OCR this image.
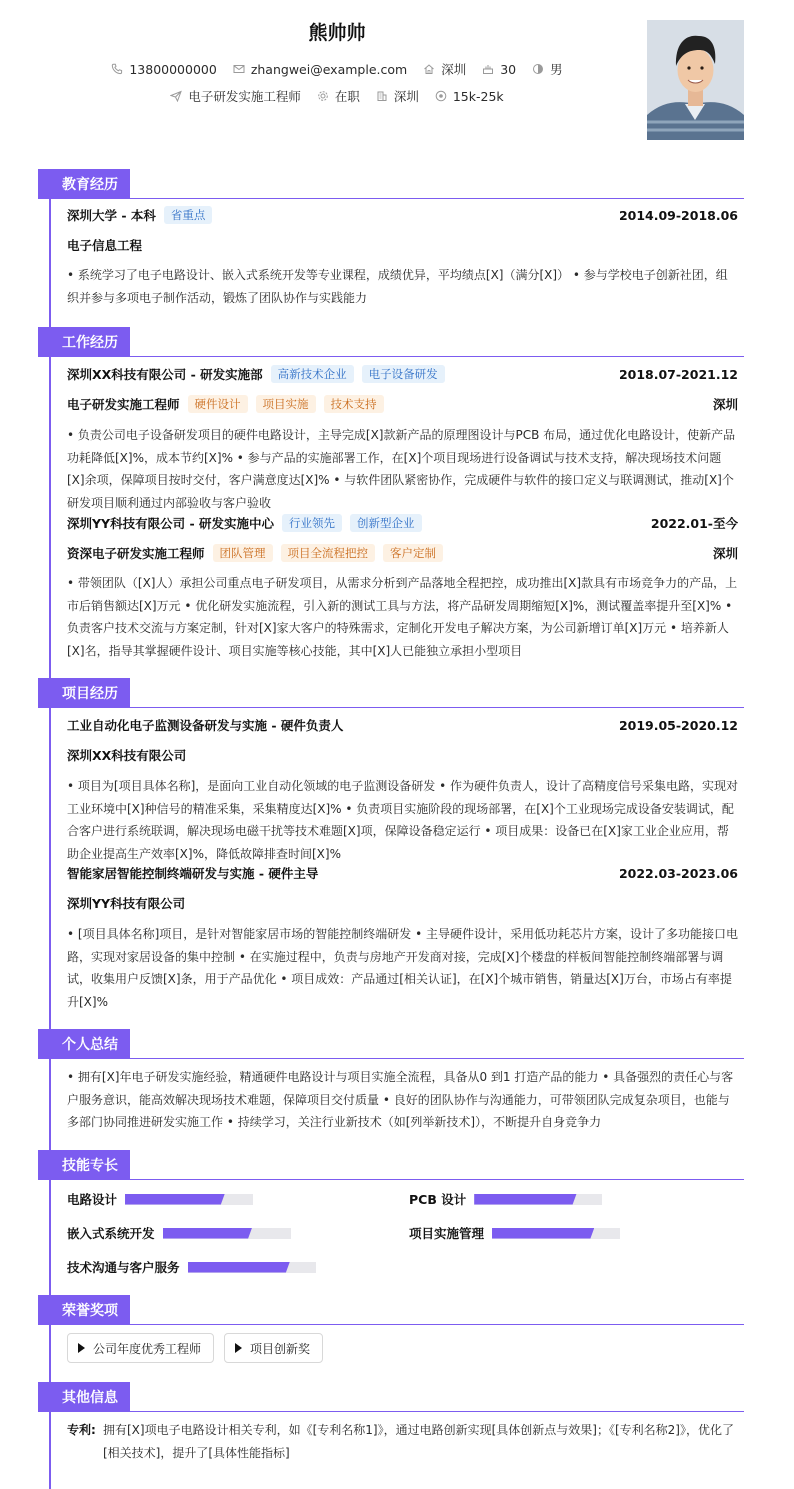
熊帅帅
13800000000	zhangwei@example.com	深圳	30	男
电子研发实施工程师	在职	深圳	15k-25k
教育经历
深圳大学 - 本科	省重点	2014.09-2018.06
电子信息工程
• 系统学习了电子电路设计、嵌入式系统开发等专业课程，成绩优异，平均绩点[X]（满分[X]） • 参与学校电子创新社团，组织并参与多项电子制作活动，锻炼了团队协作与实践能力
工作经历
深圳XX科技有限公司 - 研发实施部	高新技术企业	电子设备研发	2018.07-2021.12
电子研发实施工程师	硬件设计	项目实施	技术支持	深圳
• 负责公司电子设备研发项目的硬件电路设计，主导完成[X]款新产品的原理图设计与PCB 布局，通过优化电路设计，使新产品功耗降低[X]%，成本节约[X]% • 参与产品的实施部署工作，在[X]个项目现场进行设备调试与技术支持，解决现场技术问题[X]余项，保障项目按时交付，客户满意度达[X]% • 与软件团队紧密协作，完成硬件与软件的接口定义与联调测试，推动[X]个研发项目顺利通过内部验收与客户验收
深圳YY科技有限公司 - 研发实施中心	行业领先	创新型企业	2022.01-至今
资深电子研发实施工程师	团队管理	项目全流程把控	客户定制	深圳
• 带领团队（[X]人）承担公司重点电子研发项目，从需求分析到产品落地全程把控，成功推出[X]款具有市场竞争力的产品，上市后销售额达[X]万元 • 优化研发实施流程，引入新的测试工具与方法，将产品研发周期缩短[X]%，测试覆盖率提升至[X]% • 负责客户技术交流与方案定制，针对[X]家大客户的特殊需求，定制化开发电子解决方案，为公司新增订单[X]万元 • 培养新人[X]名，指导其掌握硬件设计、项目实施等核心技能，其中[X]人已能独立承担小型项目
项目经历
工业自动化电子监测设备研发与实施 - 硬件负责人	2019.05-2020.12
深圳XX科技有限公司
• 项目为[项目具体名称]，是面向工业自动化领域的电子监测设备研发 • 作为硬件负责人，设计了高精度信号采集电路，实现对工业环境中[X]种信号的精准采集，采集精度达[X]% • 负责项目实施阶段的现场部署，在[X]个工业现场完成设备安装调试，配合客户进行系统联调，解决现场电磁干扰等技术难题[X]项，保障设备稳定运行 • 项目成果：设备已在[X]家工业企业应用，帮助企业提高生产效率[X]%，降低故障排查时间[X]%
智能家居智能控制终端研发与实施 - 硬件主导	2022.03-2023.06
深圳YY科技有限公司
• [项目具体名称]项目，是针对智能家居市场的智能控制终端研发 • 主导硬件设计，采用低功耗芯片方案，设计了多功能接口电路，实现对家居设备的集中控制 • 在实施过程中，负责与房地产开发商对接，完成[X]个楼盘的样板间智能控制终端部署与调试，收集用户反馈[X]条，用于产品优化 • 项目成效：产品通过[相关认证]，在[X]个城市销售，销量达[X]万台，市场占有率提升[X]%
个人总结
• 拥有[X]年电子研发实施经验，精通硬件电路设计与项目实施全流程，具备从0 到1 打造产品的能力 • 具备强烈的责任心与客户服务意识，能高效解决现场技术难题，保障项目交付质量 • 良好的团队协作与沟通能力，可带领团队完成复杂项目，也能与多部门协同推进研发实施工作 • 持续学习，关注行业新技术（如[列举新技术]），不断提升自身竞争力
技能专长
电路设计	PCB 设计
嵌入式系统开发	项目实施管理
技术沟通与客户服务
荣誉奖项
公司年度优秀工程师	项目创新奖
其他信息
专利: 拥有[X]项电子电路设计相关专利，如《[专利名称1]》，通过电路创新实现[具体创新点与效果]；《[专利名称2]》，优化了[相关技术]，提升了[具体性能指标]
